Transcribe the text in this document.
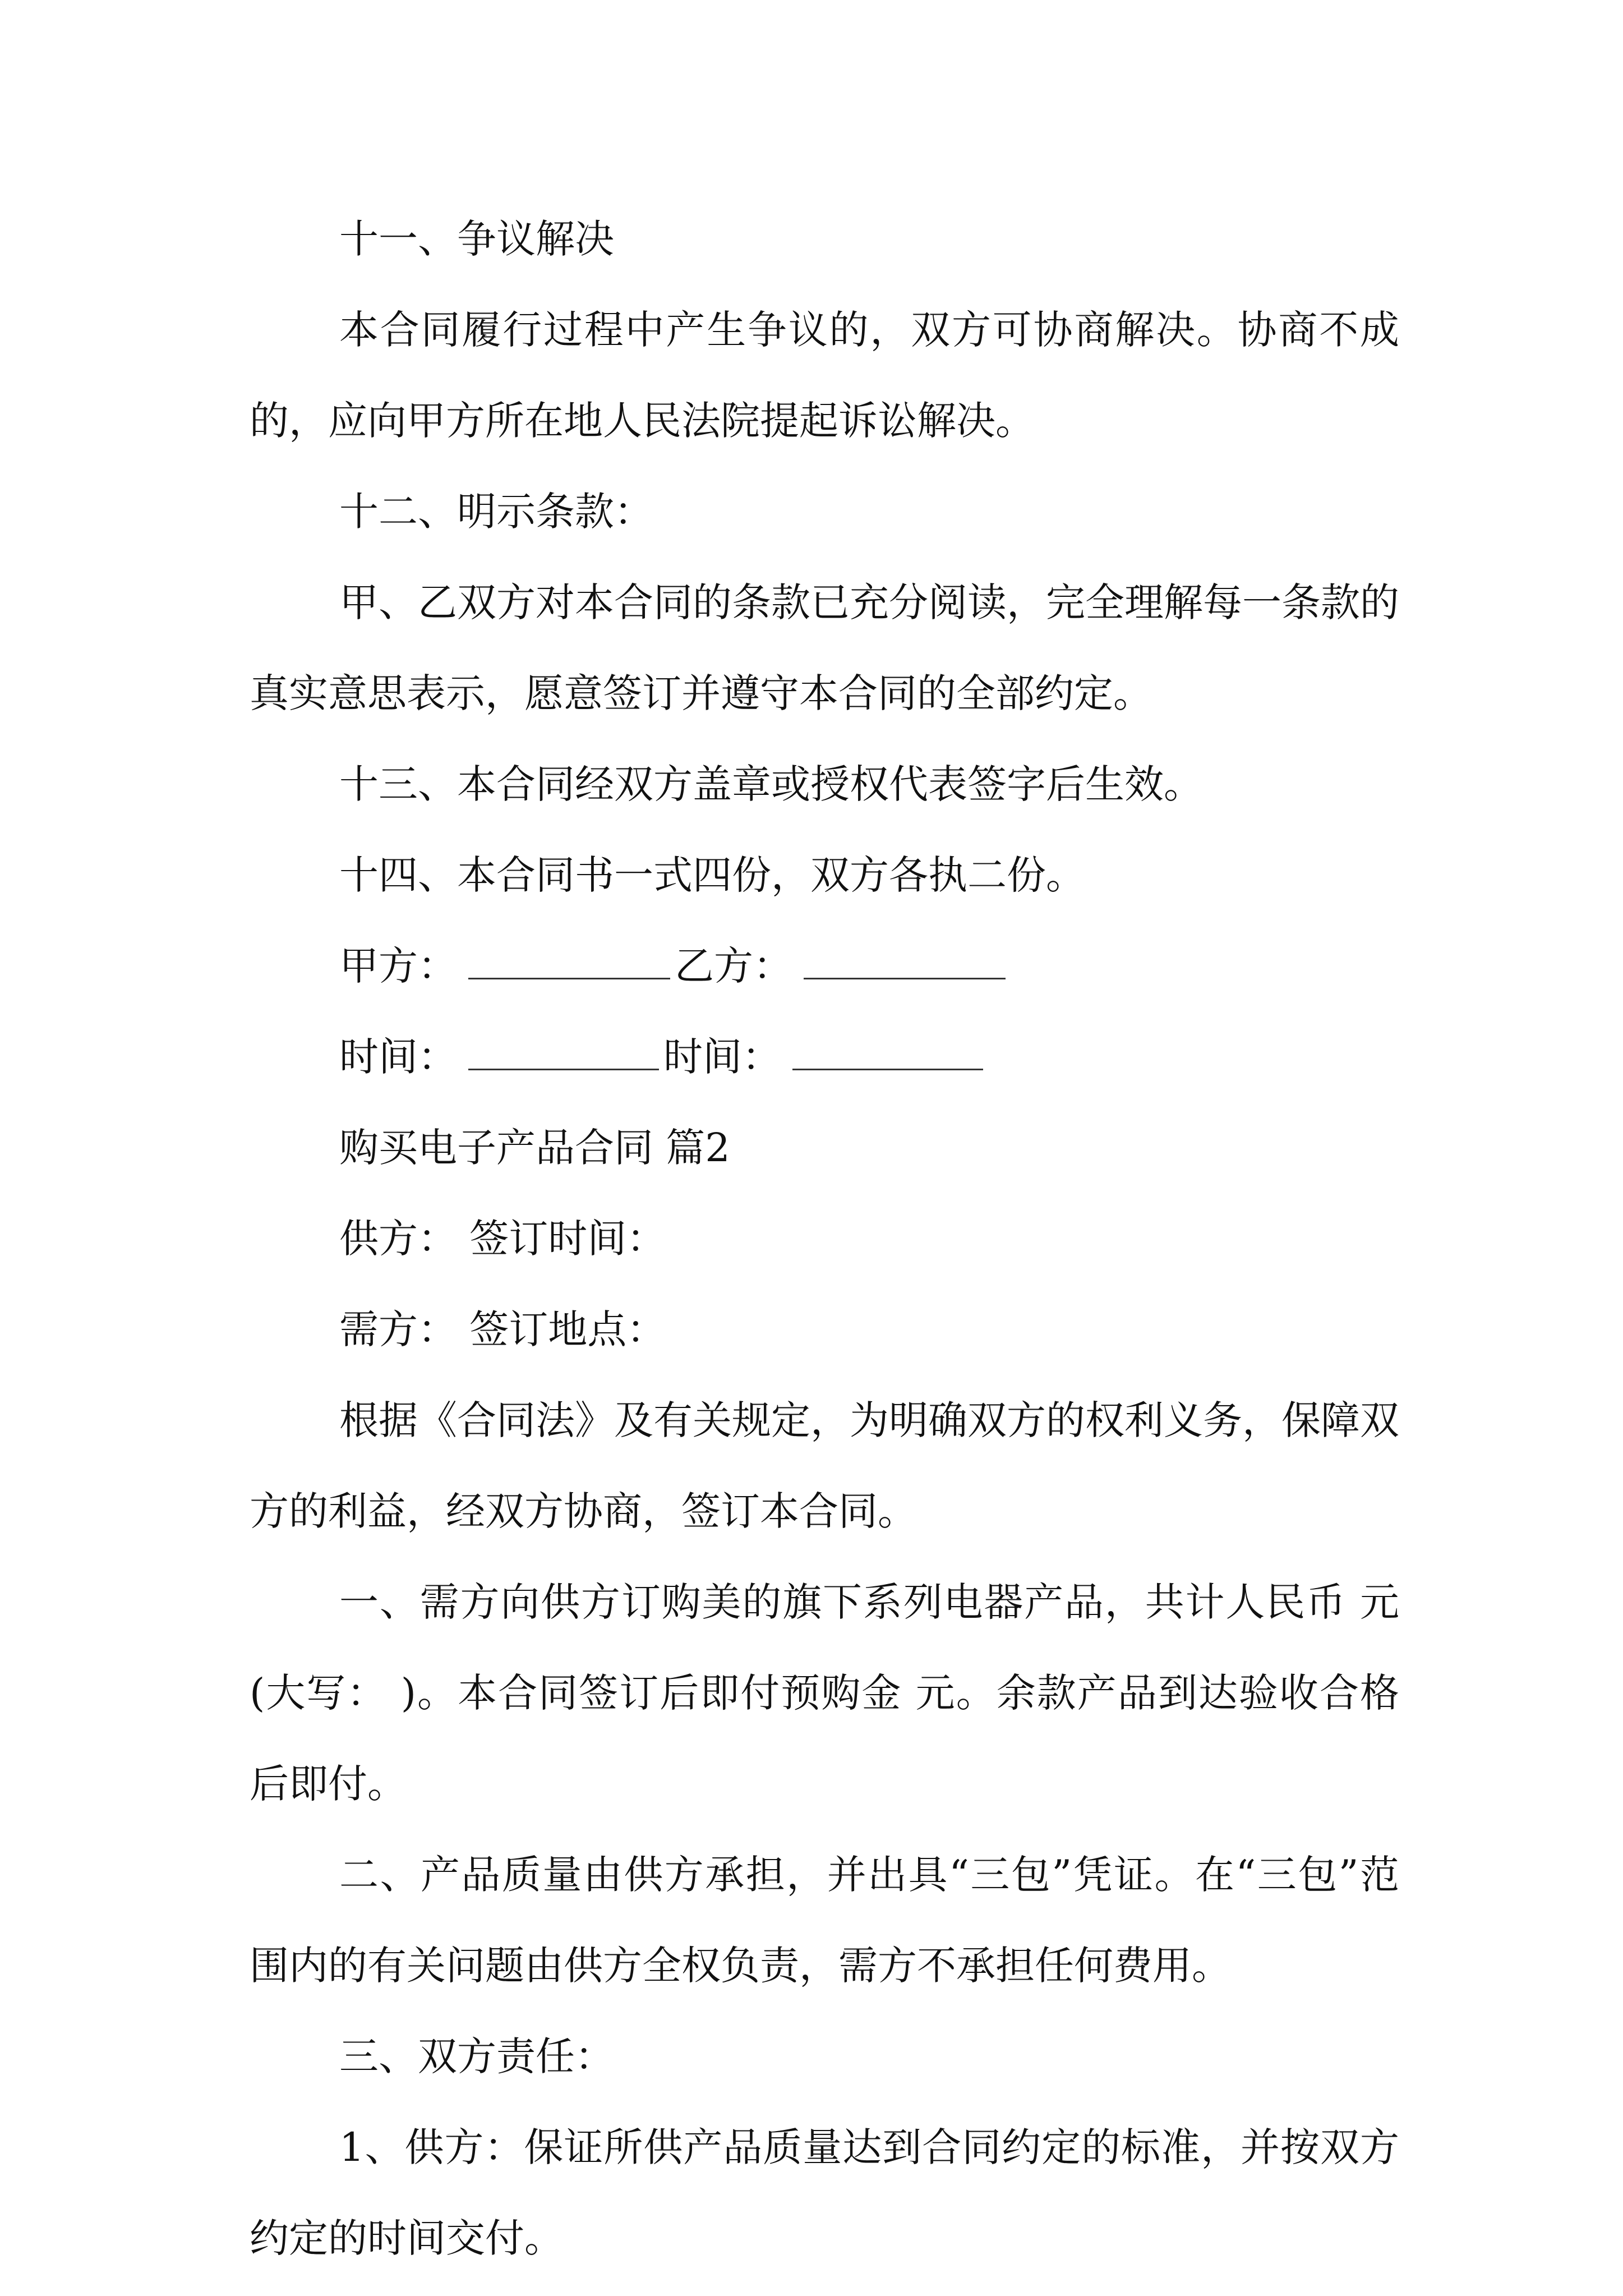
十一、争议解决

本合同履行过程中产生争议的，双方可协商解决。协商不成的，应向甲方所在地人民法院提起诉讼解决。

十二、明示条款：

甲、乙双方对本合同的条款已充分阅读，完全理解每一条款的真实意思表示，愿意签订并遵守本合同的全部约定。

十三、本合同经双方盖章或授权代表签字后生效。

十四、本合同书一式四份，双方各执二份。

甲方：	乙方：

时间：	时间：

购买电子产品合同 篇2

供方： 签订时间：

需方： 签订地点：

根据《合同法》及有关规定，为明确双方的权利义务，保障双方的利益，经双方协商，签订本合同。

一、需方向供方订购美的旗下系列电器产品，共计人民币 元(大写： )。本合同签订后即付预购金 元。余款产品到达验收合格后即付。

二、产品质量由供方承担，并出具“三包”凭证。在“三包”范围内的有关问题由供方全权负责，需方不承担任何费用。

三、双方责任：

1、供方：保证所供产品质量达到合同约定的标准，并按双方约定的时间交付。
